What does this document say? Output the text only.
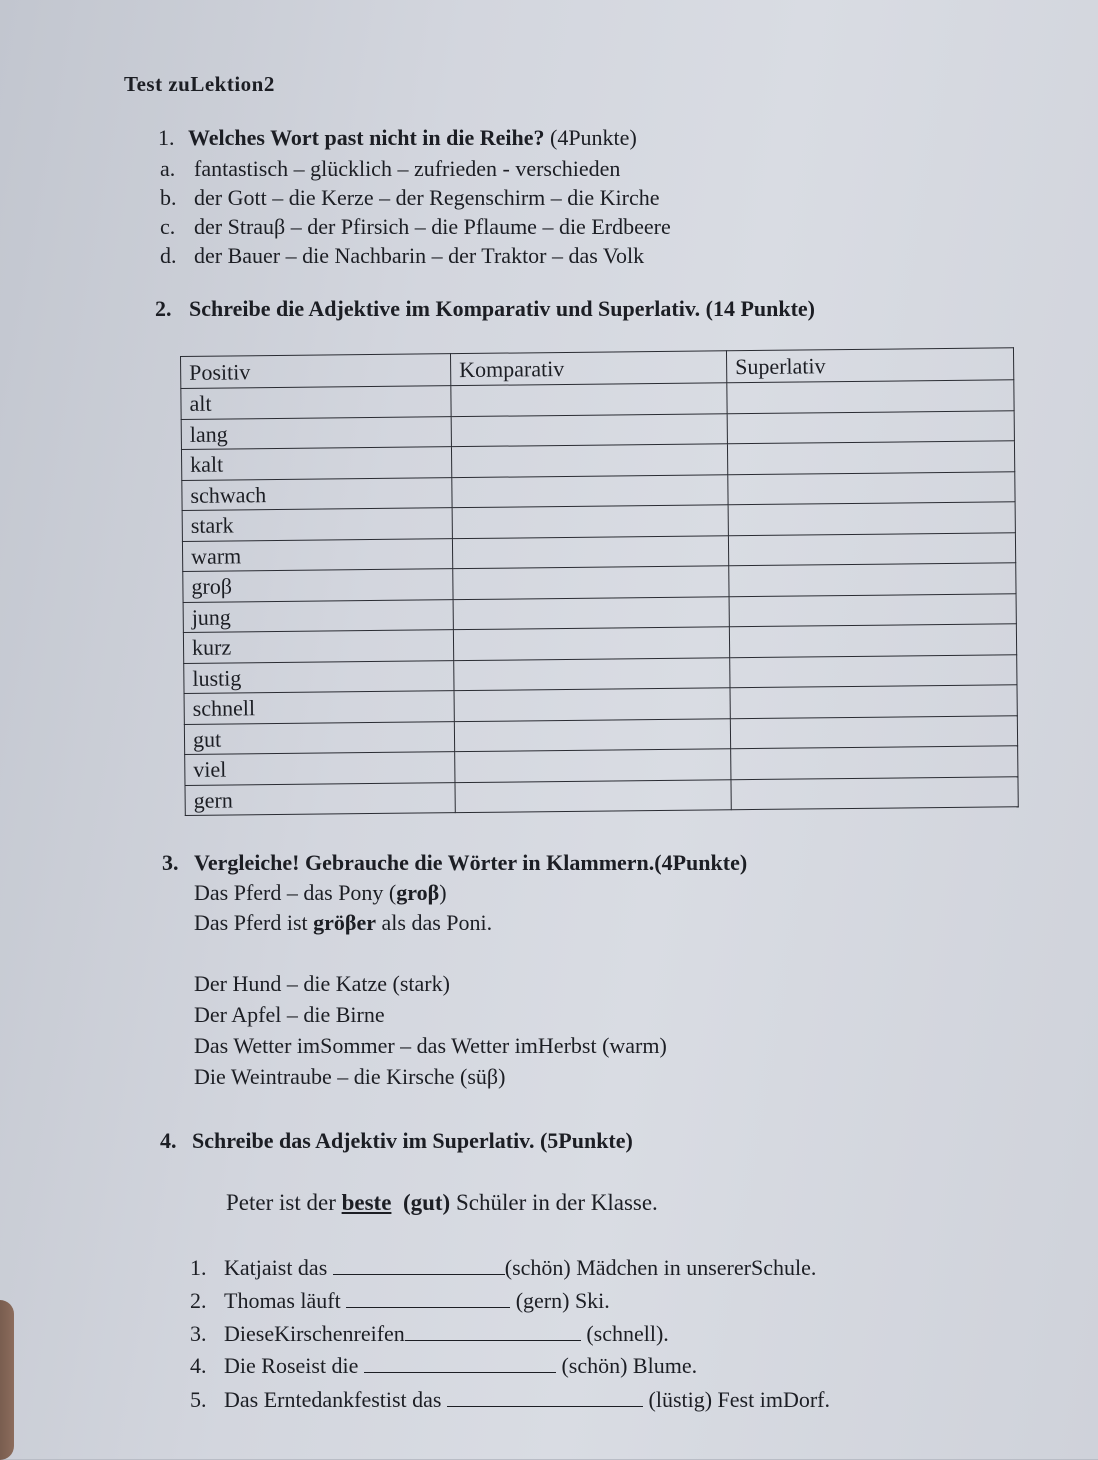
Test zuLektion2
1. Welches Wort past nicht in die Reihe? (4Punkte)
a. fantastisch – glücklich – zufrieden - verschieden
b. der Gott – die Kerze – der Regenschirm – die Kirche
c. der Strauβ – der Pfirsich – die Pflaume – die Erdbeere
d. der Bauer – die Nachbarin – der Traktor – das Volk
2. Schreibe die Adjektive im Komparativ und Superlativ. (14 Punkte)
Positiv	Komparativ	Superlativ
alt		
lang		
kalt		
schwach		
stark		
warm		
groβ		
jung		
kurz		
lustig		
schnell		
gut		
viel		
gern		
3. Vergleiche! Gebrauche die Wörter in Klammern.(4Punkte)
Das Pferd – das Pony (groβ)
Das Pferd ist gröβer als das Poni.
Der Hund – die Katze (stark)
Der Apfel – die Birne
Das Wetter imSommer – das Wetter imHerbst (warm)
Die Weintraube – die Kirsche (süβ)
4. Schreibe das Adjektiv im Superlativ. (5Punkte)
Peter ist der beste (gut) Schüler in der Klasse.
1. Katjaist das	(schön) Mädchen in unsererSchule.
2. Thomas läuft	(gern) Ski.
3. DieseKirschenreifen	(schnell).
4. Die Roseist die	(schön) Blume.
5. Das Erntedankfestist das	(lüstig) Fest imDorf.
